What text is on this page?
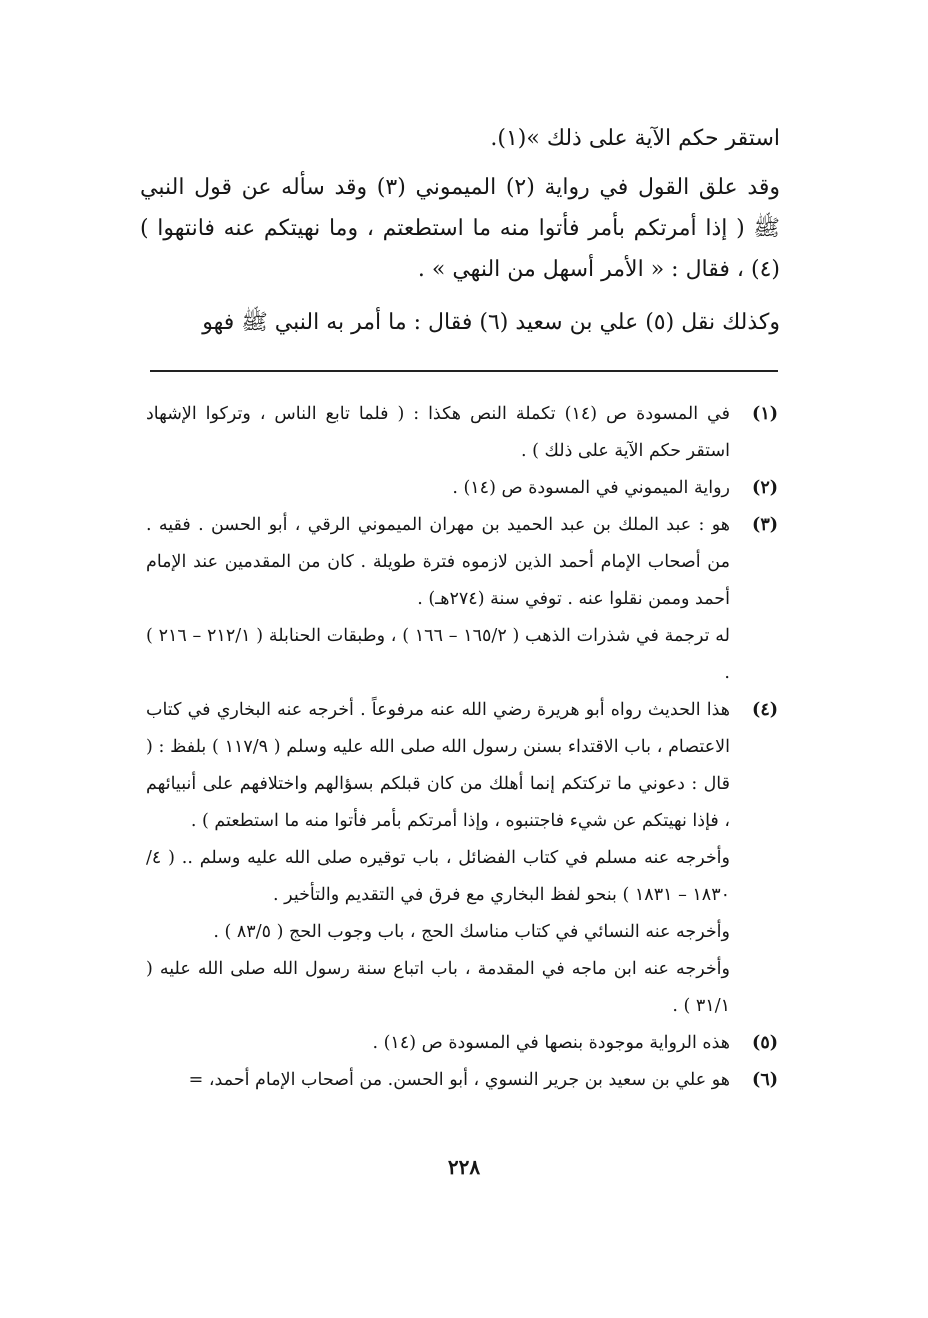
استقر حكم الآية على ذلك »(١).

وقد علق القول في رواية (٢) الميموني (٣) وقد سأله عن قول النبي ﷺ ( إذا أمرتكم بأمر فأتوا منه ما استطعتم ، وما نهيتكم عنه فانتهوا ) (٤) ، فقال : « الأمر أسهل من النهي » .

وكذلك نقل (٥) علي بن سعيد (٦) فقال : ما أمر به النبي ﷺ فهو

(١)

في المسودة ص (١٤) تكملة النص هكذا : ( فلما تابع الناس ، وتركوا الإشهاد استقر حكم الآية على ذلك ) .

(٢)

رواية الميموني في المسودة ص (١٤) .

(٣)

هو : عبد الملك بن عبد الحميد بن مهران الميموني الرقي ، أبو الحسن . فقيه . من أصحاب الإمام أحمد الذين لازموه فترة طويلة . كان من المقدمين عند الإمام أحمد وممن نقلوا عنه . توفي سنة (٢٧٤هـ) .

له ترجمة في شذرات الذهب ( ١٦٥/٢ – ١٦٦ ) ، وطبقات الحنابلة ( ٢١٢/١ – ٢١٦ ) .

(٤)

هذا الحديث رواه أبو هريرة رضي الله عنه مرفوعاً . أخرجه عنه البخاري في كتاب الاعتصام ، باب الاقتداء بسنن رسول الله صلى الله عليه وسلم ( ١١٧/٩ ) بلفظ : ( قال : دعوني ما تركتكم إنما أهلك من كان قبلكم بسؤالهم واختلافهم على أنبيائهم ، فإذا نهيتكم عن شيء فاجتنبوه ، وإذا أمرتكم بأمر فأتوا منه ما استطعتم ) .

وأخرجه عنه مسلم في كتاب الفضائل ، باب توقيره صلى الله عليه وسلم .. ( ٤/ ١٨٣٠ – ١٨٣١ ) بنحو لفظ البخاري مع فرق في التقديم والتأخير .

وأخرجه عنه النسائي في كتاب مناسك الحج ، باب وجوب الحج ( ٨٣/٥ ) .

وأخرجه عنه ابن ماجه في المقدمة ، باب اتباع سنة رسول الله صلى الله عليه ( ٣١/١ ) .

(٥)

هذه الرواية موجودة بنصها في المسودة ص (١٤) .

(٦)

هو علي بن سعيد بن جرير النسوي ، أبو الحسن. من أصحاب الإمام أحمد، =

٢٢٨
